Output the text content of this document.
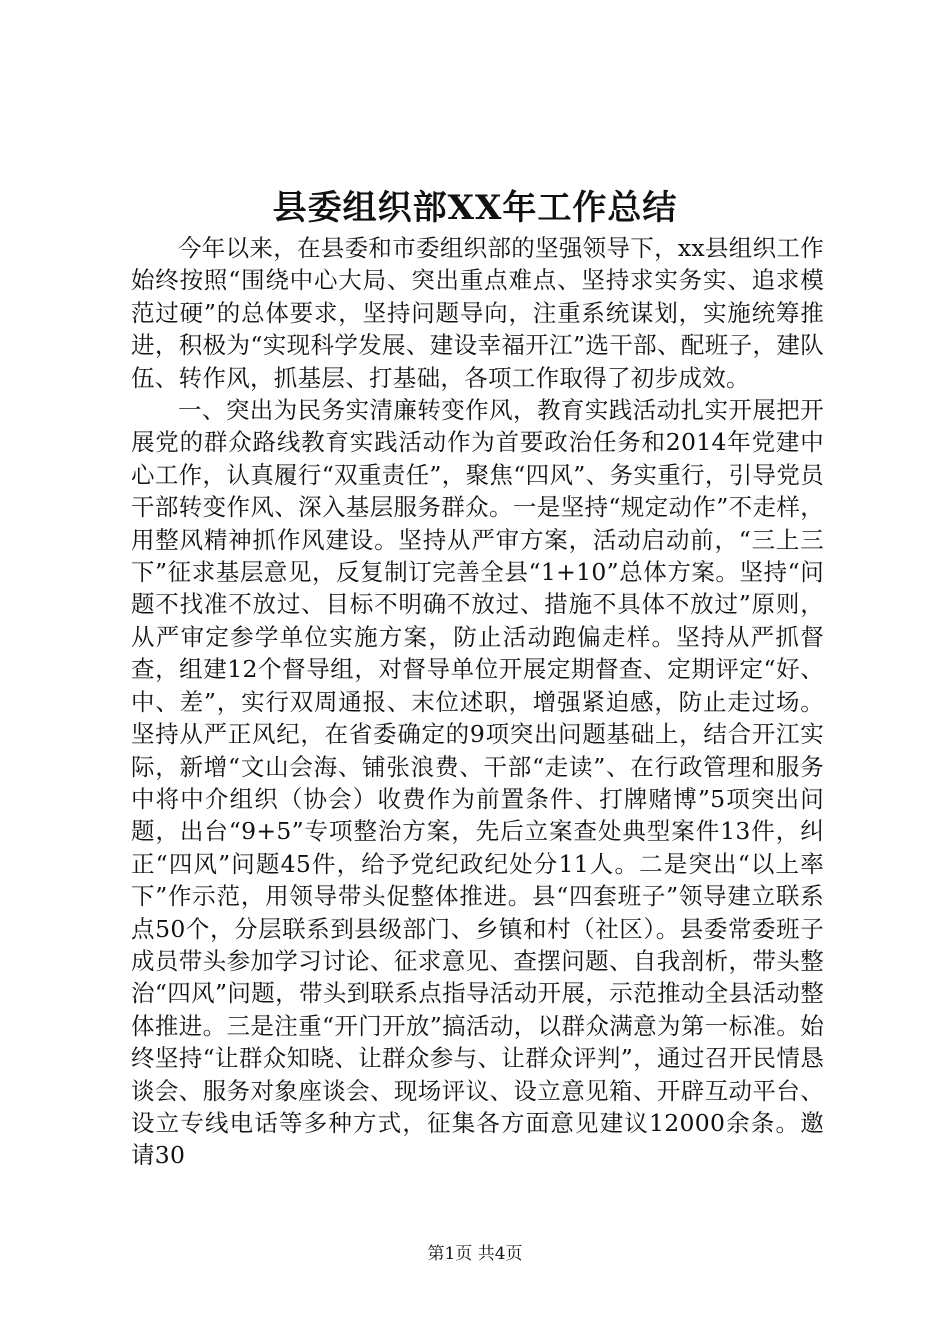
县委组织部XX年工作总结

今年以来，在县委和市委组织部的坚强领导下，xx县组织工作始终按照“围绕中心大局、突出重点难点、坚持求实务实、追求模范过硬”的总体要求，坚持问题导向，注重系统谋划，实施统筹推进，积极为“实现科学发展、建设幸福开江”选干部、配班子，建队伍、转作风，抓基层、打基础，各项工作取得了初步成效。

一、突出为民务实清廉转变作风，教育实践活动扎实开展把开展党的群众路线教育实践活动作为首要政治任务和2014年党建中心工作，认真履行“双重责任”，聚焦“四风”、务实重行，引导党员干部转变作风、深入基层服务群众。一是坚持“规定动作”不走样，用整风精神抓作风建设。坚持从严审方案，活动启动前，“三上三下”征求基层意见，反复制订完善全县“1+10”总体方案。坚持“问题不找准不放过、目标不明确不放过、措施不具体不放过”原则，从严审定参学单位实施方案，防止活动跑偏走样。坚持从严抓督查，组建12个督导组，对督导单位开展定期督查、定期评定“好、中、差”，实行双周通报、末位述职，增强紧迫感，防止走过场。坚持从严正风纪，在省委确定的9项突出问题基础上，结合开江实际，新增“文山会海、铺张浪费、干部“走读”、在行政管理和服务中将中介组织（协会）收费作为前置条件、打牌赌博”5项突出问题，出台“9+5”专项整治方案，先后立案查处典型案件13件，纠正“四风”问题45件，给予党纪政纪处分11人。二是突出“以上率下”作示范，用领导带头促整体推进。县“四套班子”领导建立联系点50个，分层联系到县级部门、乡镇和村（社区）。县委常委班子成员带头参加学习讨论、征求意见、查摆问题、自我剖析，带头整治“四风”问题，带头到联系点指导活动开展，示范推动全县活动整体推进。三是注重“开门开放”搞活动，以群众满意为第一标准。始终坚持“让群众知晓、让群众参与、让群众评判”，通过召开民情恳谈会、服务对象座谈会、现场评议、设立意见箱、开辟互动平台、设立专线电话等多种方式，征集各方面意见建议12000余条。邀请30

第1页 共4页
